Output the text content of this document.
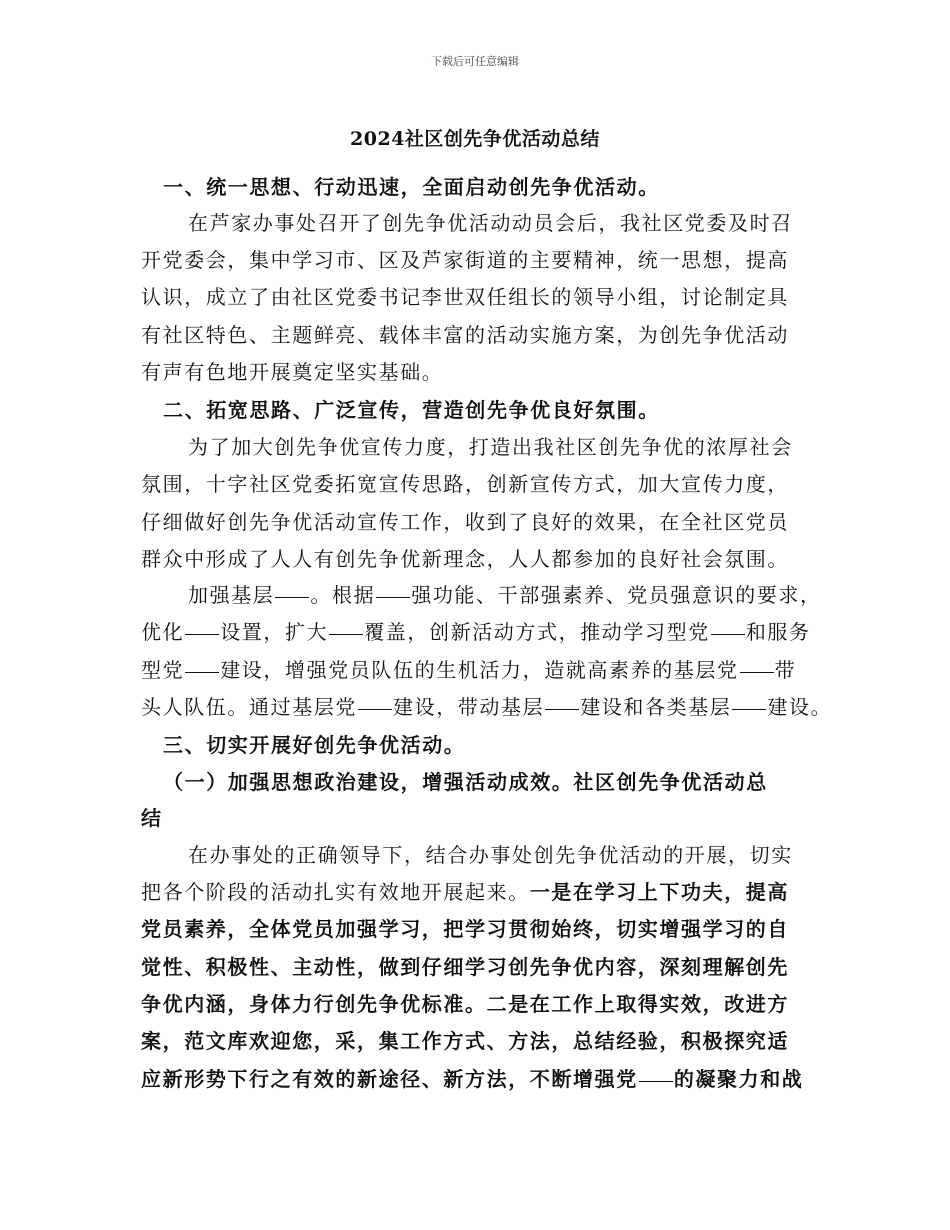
下载后可任意编辑
2024社区创先争优活动总结
一、统一思想、行动迅速，全面启动创先争优活动。
在芦家办事处召开了创先争优活动动员会后，我社区党委及时召
开党委会，集中学习市、区及芦家街道的主要精神，统一思想，提高
认识，成立了由社区党委书记李世双任组长的领导小组，讨论制定具
有社区特色、主题鲜亮、载体丰富的活动实施方案，为创先争优活动
有声有色地开展奠定坚实基础。
二、拓宽思路、广泛宣传，营造创先争优良好氛围。
为了加大创先争优宣传力度，打造出我社区创先争优的浓厚社会
氛围，十字社区党委拓宽宣传思路，创新宣传方式，加大宣传力度，
仔细做好创先争优活动宣传工作，收到了良好的效果，在全社区党员
群众中形成了人人有创先争优新理念，人人都参加的良好社会氛围。
加强基层 。根据 强功能、干部强素养、党员强意识的要求，
优化 设置，扩大 覆盖，创新活动方式，推动学习型党 和服务
型党 建设，增强党员队伍的生机活力，造就高素养的基层党 带
头人队伍。通过基层党 建设，带动基层 建设和各类基层 建设。
三、切实开展好创先争优活动。
（一）加强思想政治建设，增强活动成效。社区创先争优活动总
结
在办事处的正确领导下，结合办事处创先争优活动的开展，切实
把各个阶段的活动扎实有效地开展起来。一是在学习上下功夫，提高
党员素养，全体党员加强学习，把学习贯彻始终，切实增强学习的自
觉性、积极性、主动性，做到仔细学习创先争优内容，深刻理解创先
争优内涵，身体力行创先争优标准。二是在工作上取得实效，改进方
案，范文库欢迎您，采，集工作方式、方法，总结经验，积极探究适
应新形势下行之有效的新途径、新方法，不断增强党 的凝聚力和战
